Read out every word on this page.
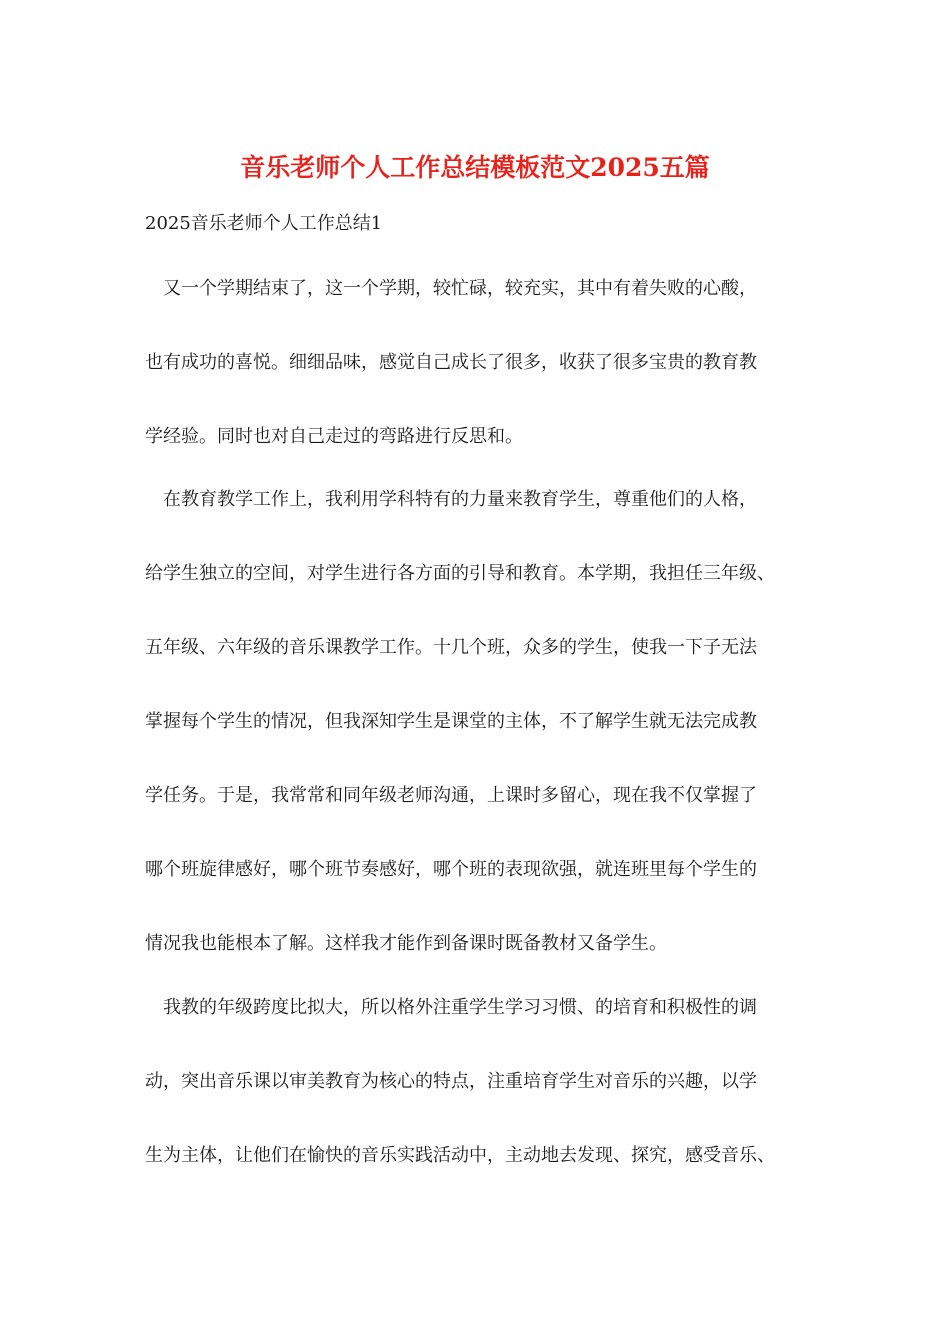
音乐老师个人工作总结模板范文2025五篇

2025音乐老师个人工作总结1

又一个学期结束了，这一个学期，较忙碌，较充实，其中有着失败的心酸，

也有成功的喜悦。细细品味，感觉自己成长了很多，收获了很多宝贵的教育教

学经验。同时也对自己走过的弯路进行反思和。

在教育教学工作上，我利用学科特有的力量来教育学生，尊重他们的人格，

给学生独立的空间，对学生进行各方面的引导和教育。本学期，我担任三年级、

五年级、六年级的音乐课教学工作。十几个班，众多的学生，使我一下子无法

掌握每个学生的情况，但我深知学生是课堂的主体，不了解学生就无法完成教

学任务。于是，我常常和同年级老师沟通，上课时多留心，现在我不仅掌握了

哪个班旋律感好，哪个班节奏感好，哪个班的表现欲强，就连班里每个学生的

情况我也能根本了解。这样我才能作到备课时既备教材又备学生。

我教的年级跨度比拟大，所以格外注重学生学习习惯、的培育和积极性的调

动，突出音乐课以审美教育为核心的特点，注重培育学生对音乐的兴趣，以学

生为主体，让他们在愉快的音乐实践活动中，主动地去发现、探究，感受音乐、
